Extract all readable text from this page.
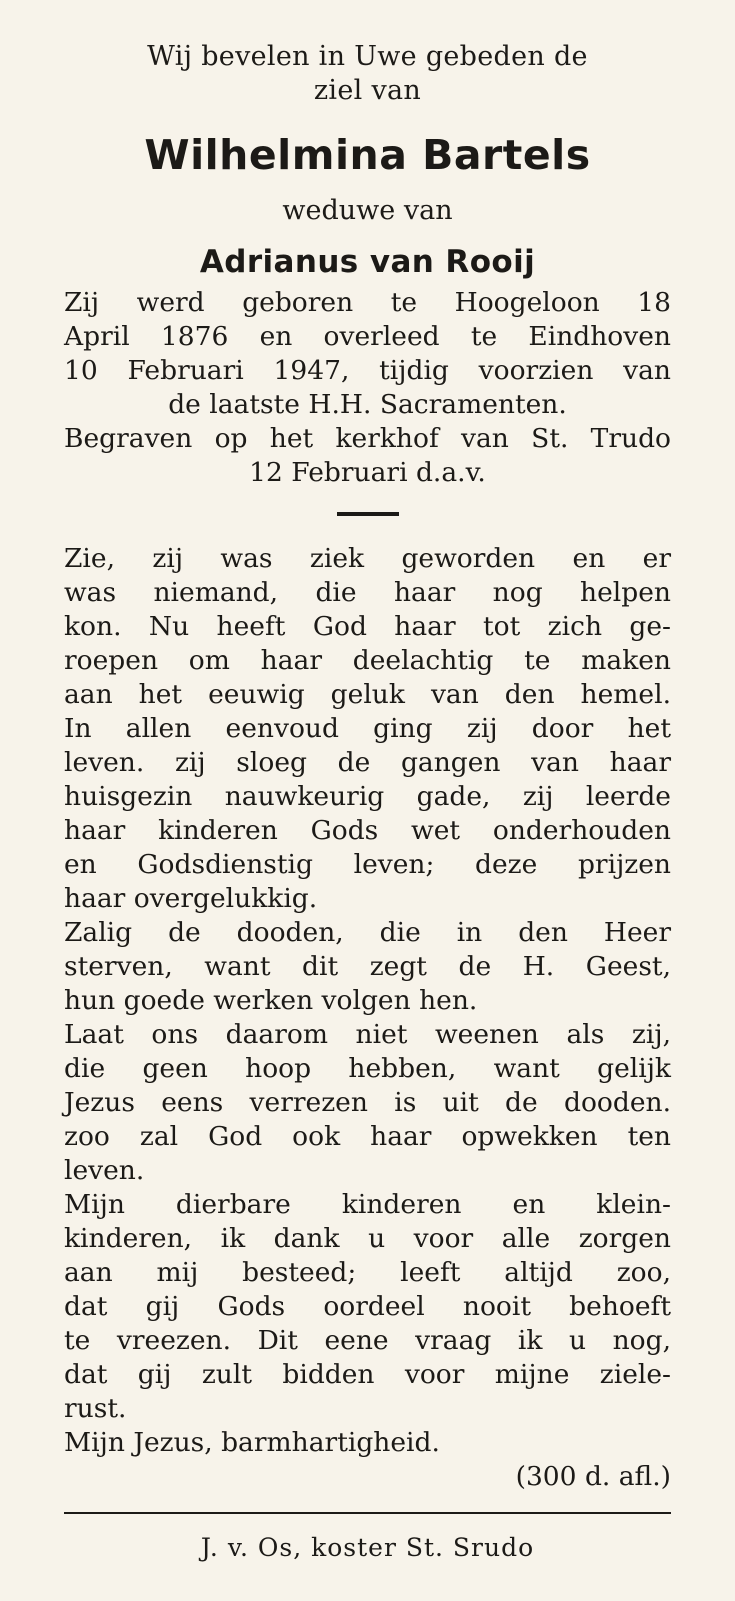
Wij bevelen in Uwe gebeden de
ziel van
Wilhelmina Bartels
weduwe van
Adrianus van Rooij
Zij werd geboren te Hoogeloon 18
April 1876 en overleed te Eindhoven
10 Februari 1947, tijdig voorzien van
de laatste H.H. Sacramenten.
Begraven op het kerkhof van St. Trudo
12 Februari d.a.v.
Zie, zij was ziek geworden en er
was niemand, die haar nog helpen
kon. Nu heeft God haar tot zich ge-
roepen om haar deelachtig te maken
aan het eeuwig geluk van den hemel.
In allen eenvoud ging zij door het
leven. zij sloeg de gangen van haar
huisgezin nauwkeurig gade, zij leerde
haar kinderen Gods wet onderhouden
en Godsdienstig leven; deze prijzen
haar overgelukkig.
Zalig de dooden, die in den Heer
sterven, want dit zegt de H. Geest,
hun goede werken volgen hen.
Laat ons daarom niet weenen als zij,
die geen hoop hebben, want gelijk
Jezus eens verrezen is uit de dooden.
zoo zal God ook haar opwekken ten
leven.
Mijn dierbare kinderen en klein-
kinderen, ik dank u voor alle zorgen
aan mij besteed; leeft altijd zoo,
dat gij Gods oordeel nooit behoeft
te vreezen. Dit eene vraag ik u nog,
dat gij zult bidden voor mijne ziele-
rust.
Mijn Jezus, barmhartigheid.
(300 d. afl.)
J. v. Os, koster St. Srudo
